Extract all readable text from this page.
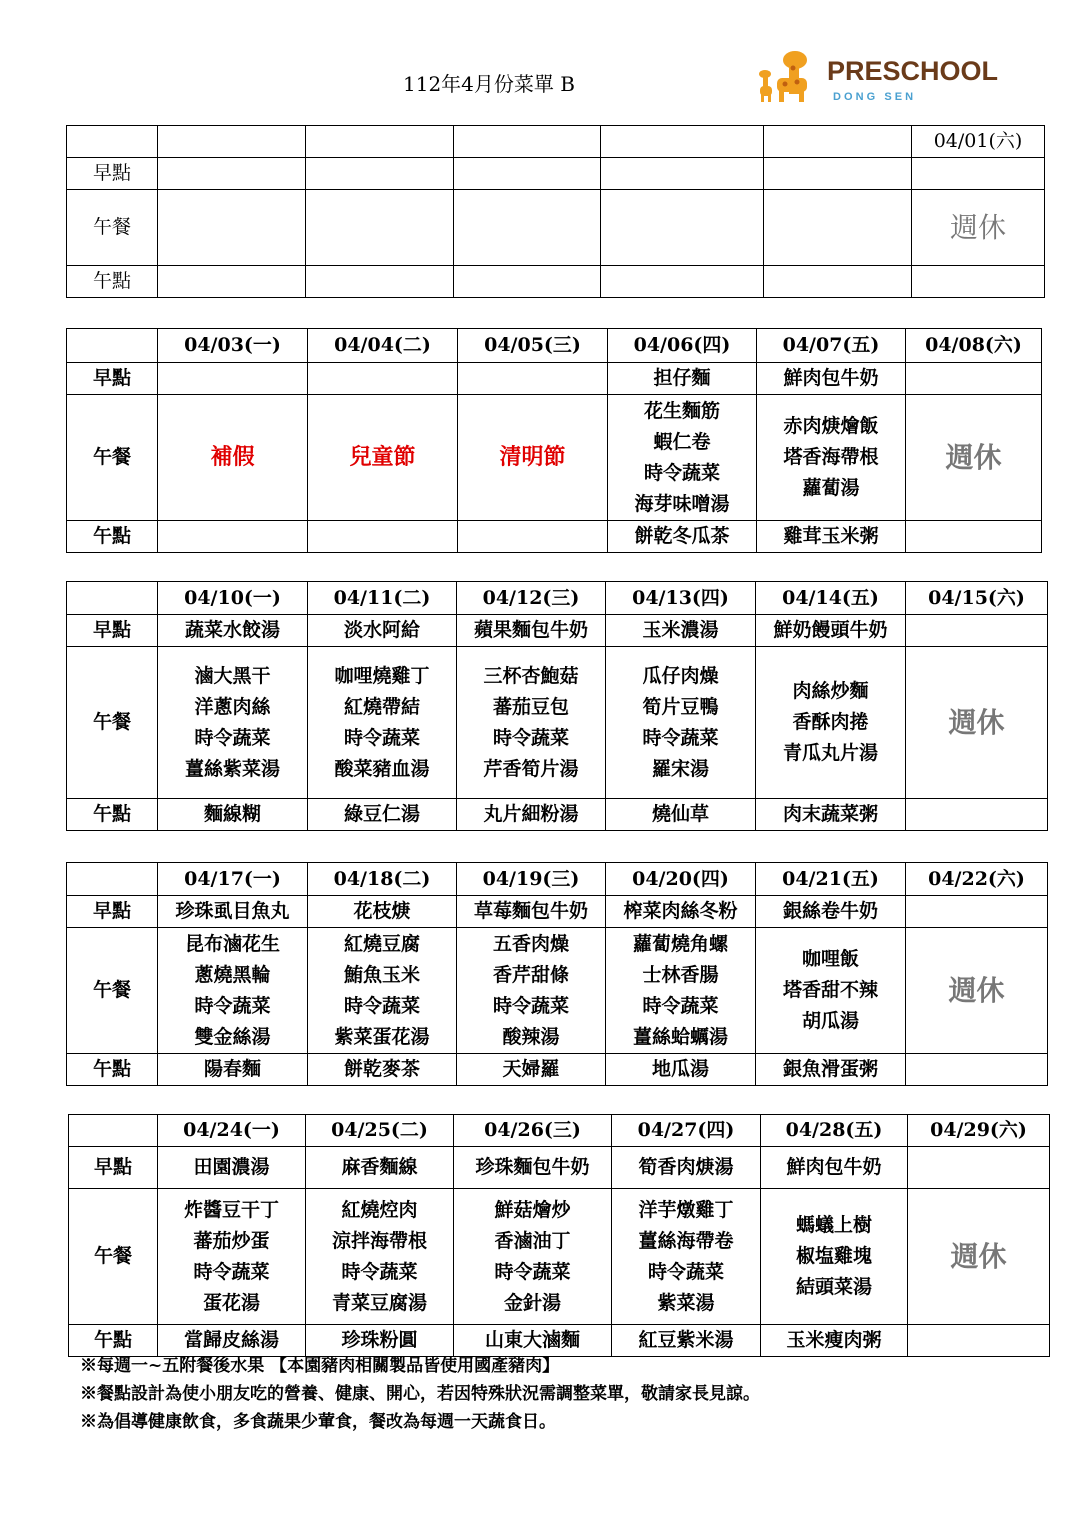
112年4月份菜單 B	PRESCHOOL
D O N G   S E N
						04/01(六)
早點						
午餐						週休
午點						
	04/03(一)	04/04(二)	04/05(三)	04/06(四)	04/07(五)	04/08(六)
早點				担仔麵	鮮肉包牛奶	
午餐	補假	兒童節	清明節	花生麵筋
蝦仁卷
時令蔬菜
海芽味噌湯	赤肉焿燴飯
塔香海帶根
蘿蔔湯	週休
午點				餅乾冬瓜茶	雞茸玉米粥	
	04/10(一)	04/11(二)	04/12(三)	04/13(四)	04/14(五)	04/15(六)
早點	蔬菜水餃湯	淡水阿給	蘋果麵包牛奶	玉米濃湯	鮮奶饅頭牛奶	
午餐	滷大黑干
洋蔥肉絲
時令蔬菜
薑絲紫菜湯	咖哩燒雞丁
紅燒帶結
時令蔬菜
酸菜豬血湯	三杯杏鮑菇
蕃茄豆包
時令蔬菜
芹香筍片湯	瓜仔肉燥
筍片豆鴨
時令蔬菜
羅宋湯	肉絲炒麵
香酥肉捲
青瓜丸片湯	週休
午點	麵線糊	綠豆仁湯	丸片細粉湯	燒仙草	肉末蔬菜粥	
	04/17(一)	04/18(二)	04/19(三)	04/20(四)	04/21(五)	04/22(六)
早點	珍珠虱目魚丸	花枝焿	草莓麵包牛奶	榨菜肉絲冬粉	銀絲卷牛奶	
午餐	昆布滷花生
蔥燒黑輪
時令蔬菜
雙金絲湯	紅燒豆腐
鮪魚玉米
時令蔬菜
紫菜蛋花湯	五香肉燥
香芹甜條
時令蔬菜
酸辣湯	蘿蔔燒角螺
士林香腸
時令蔬菜
薑絲蛤蠣湯	咖哩飯
塔香甜不辣
胡瓜湯	週休
午點	陽春麵	餅乾麥茶	天婦羅	地瓜湯	銀魚滑蛋粥	
	04/24(一)	04/25(二)	04/26(三)	04/27(四)	04/28(五)	04/29(六)
早點	田園濃湯	麻香麵線	珍珠麵包牛奶	筍香肉焿湯	鮮肉包牛奶	
午餐	炸醬豆干丁
蕃茄炒蛋
時令蔬菜
蛋花湯	紅燒焢肉
涼拌海帶根
時令蔬菜
青菜豆腐湯	鮮菇燴炒
香滷油丁
時令蔬菜
金針湯	洋芋燉雞丁
薑絲海帶卷
時令蔬菜
紫菜湯	螞蟻上樹
椒塩雞塊
結頭菜湯	週休
午點	當歸皮絲湯	珍珠粉圓	山東大滷麵	紅豆紫米湯	玉米瘦肉粥	
※每週一~五附餐後水果 【本園豬肉相關製品皆使用國產豬肉】
※餐點設計為使小朋友吃的營養、健康、開心，若因特殊狀況需調整菜單，敬請家長見諒。
※為倡導健康飲食，多食蔬果少葷食，餐改為每週一天蔬食日。
